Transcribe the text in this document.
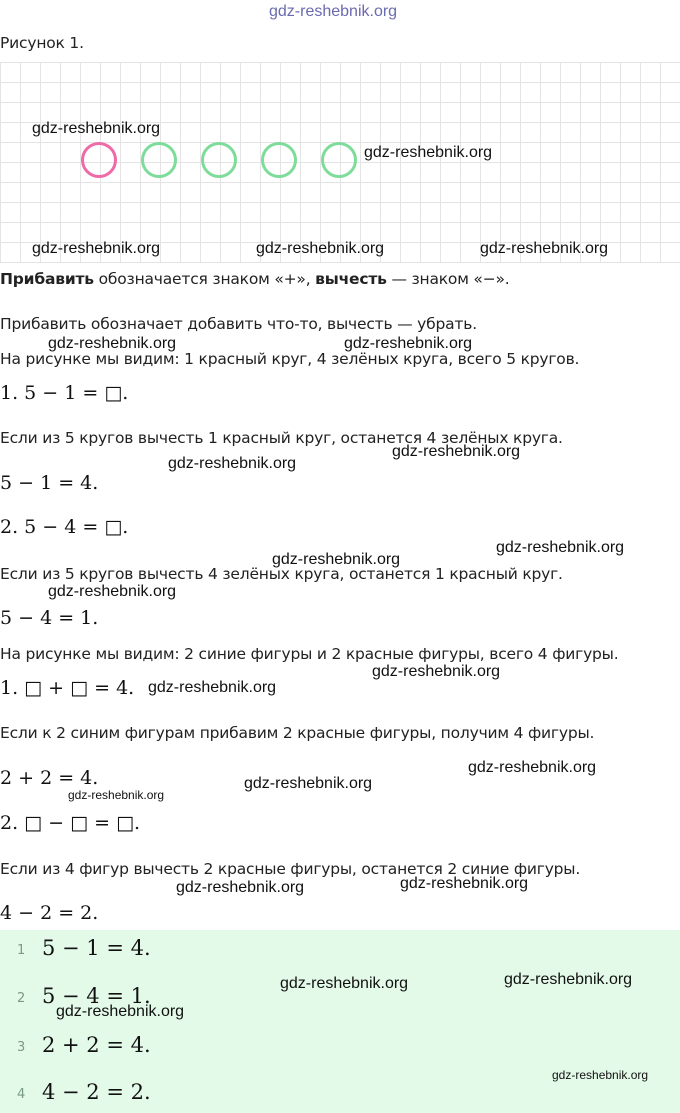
gdz-reshebnik.org
Рисунок 1.
gdz-reshebnik.org
gdz-reshebnik.org
gdz-reshebnik.org	gdz-reshebnik.org	gdz-reshebnik.org
Прибавить обозначается знаком «+», вычесть — знаком «−».
Прибавить обозначает добавить что-то, вычесть — убрать.
gdz-reshebnik.org	gdz-reshebnik.org
На рисунке мы видим: 1 красный круг, 4 зелёных круга, всего 5 кругов.
1. 5 − 1 = □.
Если из 5 кругов вычесть 1 красный круг, останется 4 зелёных круга.
gdz-reshebnik.org
gdz-reshebnik.org
5 − 1 = 4.
2. 5 − 4 = □.
gdz-reshebnik.org
gdz-reshebnik.org
Если из 5 кругов вычесть 4 зелёных круга, останется 1 красный круг.
gdz-reshebnik.org
5 − 4 = 1.
На рисунке мы видим: 2 синие фигуры и 2 красные фигуры, всего 4 фигуры.
gdz-reshebnik.org
1. □ + □ = 4. gdz-reshebnik.org
Если к 2 синим фигурам прибавим 2 красные фигуры, получим 4 фигуры.
2 + 2 = 4.	gdz-reshebnik.org
gdz-reshebnik.org
gdz-reshebnik.org
2. □ − □ = □.
Если из 4 фигур вычесть 2 красные фигуры, останется 2 синие фигуры.
gdz-reshebnik.org
gdz-reshebnik.org
4 − 2 = 2.
1 5 − 1 = 4.
gdz-reshebnik.org	gdz-reshebnik.org
2 5 − 4 = 1.
gdz-reshebnik.org
3 2 + 2 = 4.
gdz-reshebnik.org
4 4 − 2 = 2.
